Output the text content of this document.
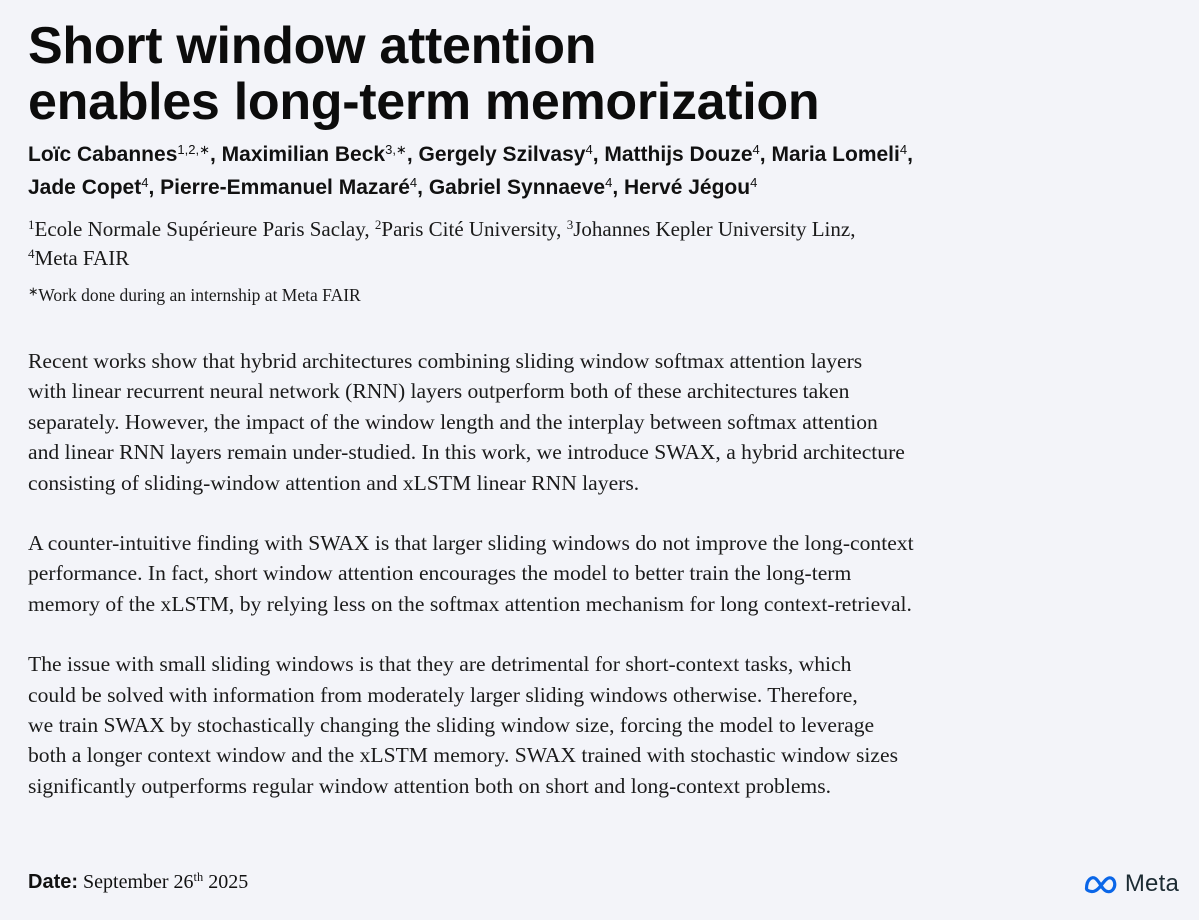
Short window attention
enables long-term memorization
Loïc Cabannes$^{1,2,∗}$, Maximilian Beck$^{3,∗}$, Gergely Szilvasy$^4$, Matthijs Douze$^4$, Maria Lomeli$^4$,
Jade Copet$^4$, Pierre-Emmanuel Mazaré$^4$, Gabriel Synnaeve$^4$, Hervé Jégou$^4$
$^1$Ecole Normale Supérieure Paris Saclay, $^2$Paris Cité University, $^3$Johannes Kepler University Linz,
$^4$Meta FAIR
∗Work done during an internship at Meta FAIR

Recent works show that hybrid architectures combining sliding window softmax attention layers
with linear recurrent neural network (RNN) layers outperform both of these architectures taken
separately. However, the impact of the window length and the interplay between softmax attention
and linear RNN layers remain under-studied. In this work, we introduce SWAX, a hybrid architecture
consisting of sliding-window attention and xLSTM linear RNN layers.

A counter-intuitive finding with SWAX is that larger sliding windows do not improve the long-context
performance. In fact, short window attention encourages the model to better train the long-term
memory of the xLSTM, by relying less on the softmax attention mechanism for long context-retrieval.

The issue with small sliding windows is that they are detrimental for short-context tasks, which
could be solved with information from moderately larger sliding windows otherwise. Therefore,
we train SWAX by stochastically changing the sliding window size, forcing the model to leverage
both a longer context window and the xLSTM memory. SWAX trained with stochastic window sizes
significantly outperforms regular window attention both on short and long-context problems.

Date: September 26th 2025	Meta
